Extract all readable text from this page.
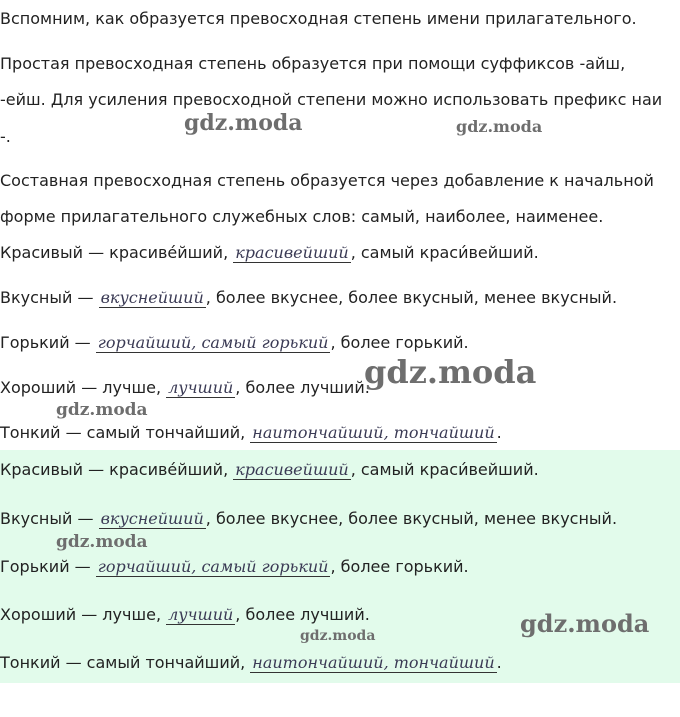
Вспомним, как образуется превосходная степень имени прилагательного.
Простая превосходная степень образуется при помощи суффиксов -айш,
-ейш. Для усиления превосходной степени можно использовать префикс наи
-.
Составная превосходная степень образуется через добавление к начальной
форме прилагательного служебных слов: самый, наиболее, наименее.
Красивый — красиве́йший, красивейший , самый краси́вейший.
Вкусный — вкуснейший , более вкуснее, более вкусный, менее вкусный.
Горький — горчайший, самый горький , более горький.
Хороший — лучше, лучший , более лучший.
Тонкий — самый тончайший, наитончайший, тончайший .
Красивый — красиве́йший, красивейший , самый краси́вейший.
Вкусный — вкуснейший , более вкуснее, более вкусный, менее вкусный.
Горький — горчайший, самый горький , более горький.
Хороший — лучше, лучший , более лучший.
Тонкий — самый тончайший, наитончайший, тончайший .
gdz.moda	gdz.moda
gdz.moda
gdz.moda
gdz.moda
gdz.moda
gdz.moda
